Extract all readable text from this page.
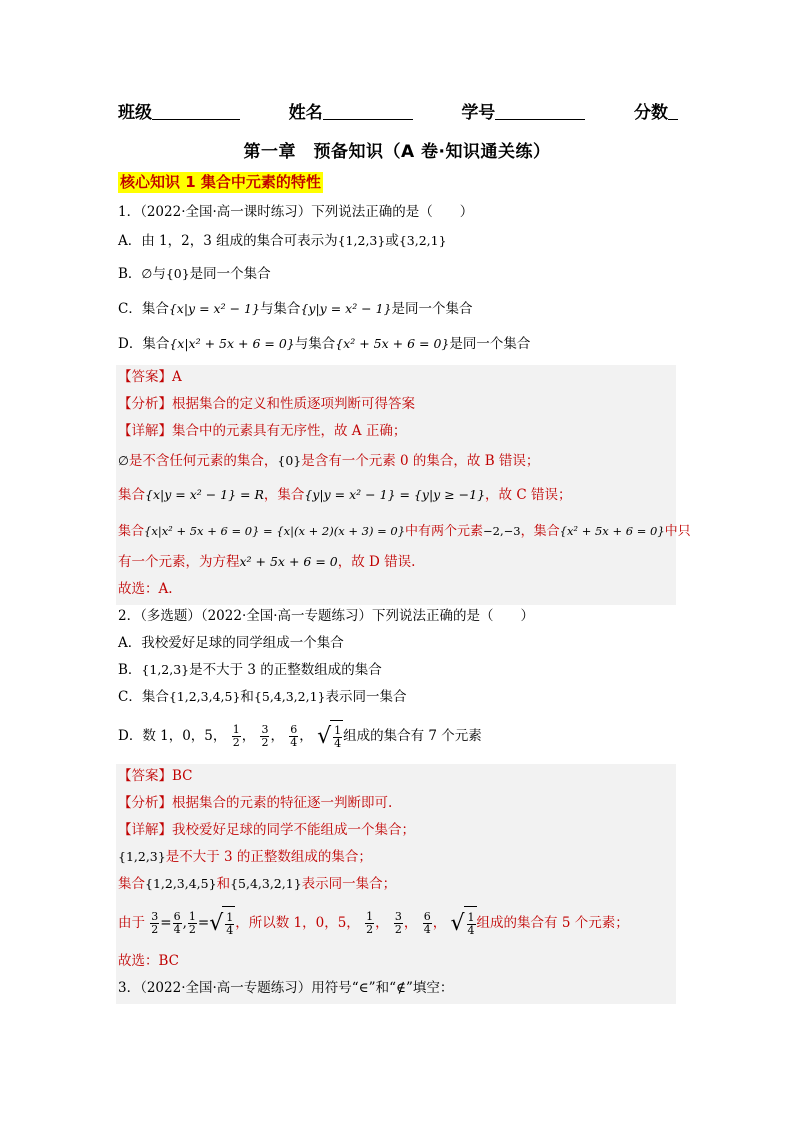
班级	姓名	学号	分数
第一章　预备知识（A 卷·知识通关练）
核心知识 1 集合中元素的特性
1．（2022·全国·高一课时练习）下列说法正确的是（　　）
A．由 1，2，3 组成的集合可表示为{1,2,3}或{3,2,1}
B．∅与{0}是同一个集合
C．集合{x|y = x² − 1}与集合{y|y = x² − 1}是同一个集合
D．集合{x|x² + 5x + 6 = 0}与集合{x² + 5x + 6 = 0}是同一个集合
【答案】A
【分析】根据集合的定义和性质逐项判断可得答案
【详解】集合中的元素具有无序性，故 A 正确；
∅是不含任何元素的集合，{0}是含有一个元素 0 的集合，故 B 错误；
集合{x|y = x² − 1} = R，集合{y|y = x² − 1} = {y|y ≥ −1}，故 C 错误；
集合{x|x² + 5x + 6 = 0} = {x|(x + 2)(x + 3) = 0}中有两个元素−2,−3，集合{x² + 5x + 6 = 0}中只
有一个元素，为方程x² + 5x + 6 = 0，故 D 错误.
故选：A.
2．（多选题）（2022·全国·高一专题练习）下列说法正确的是（　　）
A．我校爱好足球的同学组成一个集合
B．{1,2,3}是不大于 3 的正整数组成的集合
C．集合{1,2,3,4,5}和{5,4,3,2,1}表示同一集合
D．数 1，0，5， $\frac{1}{2}$ ， $\frac{3}{2}$ ， $\frac{6}{4}$ ， √ $\frac{1}{4}$ 组成的集合有 7 个元素
【答案】BC
【分析】根据集合的元素的特征逐一判断即可.
【详解】我校爱好足球的同学不能组成一个集合；
{1,2,3}是不大于 3 的正整数组成的集合；
集合{1,2,3,4,5}和{5,4,3,2,1}表示同一集合；
由于 $\frac{3}{2} = \frac{6}{4}$ , $\frac{1}{2}$ = √ $\frac{1}{4}$ ，所以数 1，0，5， $\frac{1}{2}$ ， $\frac{3}{2}$ ， $\frac{6}{4}$ ， √ $\frac{1}{4}$ 组成的集合有 5 个元素；
故选：BC
3．（2022·全国·高一专题练习）用符号“∈”和“∉”填空：
